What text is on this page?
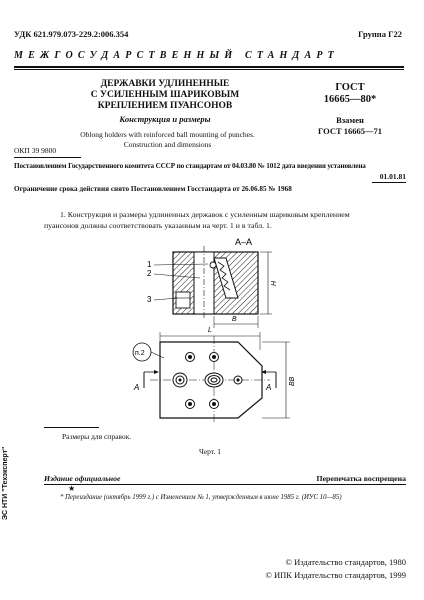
УДК 621.979.073-229.2:006.354	Группа Г22
МЕЖГОСУДАРСТВЕННЫЙ СТАНДАРТ
ДЕРЖАВКИ УДЛИНЕННЫЕ
С УСИЛЕННЫМ ШАРИКОВЫМ
КРЕПЛЕНИЕМ ПУАНСОНОВ
Конструкция и размеры
Oblong holders with reinforced ball mounting of punches.
Construction and dimensions
ГОСТ
16665—80*
Взамен
ГОСТ 16665—71
ОКП 39 9800
Постановлением Государственного комитета СССР по стандартам от 04.03.80 № 1012 дата введения установлена
01.01.81
Ограничение срока действия снято Постановлением Госстандарта от 26.06.85 № 1968
1. Конструкция и размеры удлиненных державок с усиленным шариковым креплением
пуансонов должны соответствовать указанным на черт. 1 и в табл. 1.
А–А
1
2
3
H
B
L
п.2
А	А
BB
Размеры для справок.
Черт. 1
Издание официальное	Перепечатка воспрещена
★
* Переиздание (октябрь 1999 г.) с Изменением № 1, утвержденным в июне 1985 г. (ИУС 10—85)
© Издательство стандартов, 1980
© ИПК Издательство стандартов, 1999
ЭС НТИ "Техэксперт"
